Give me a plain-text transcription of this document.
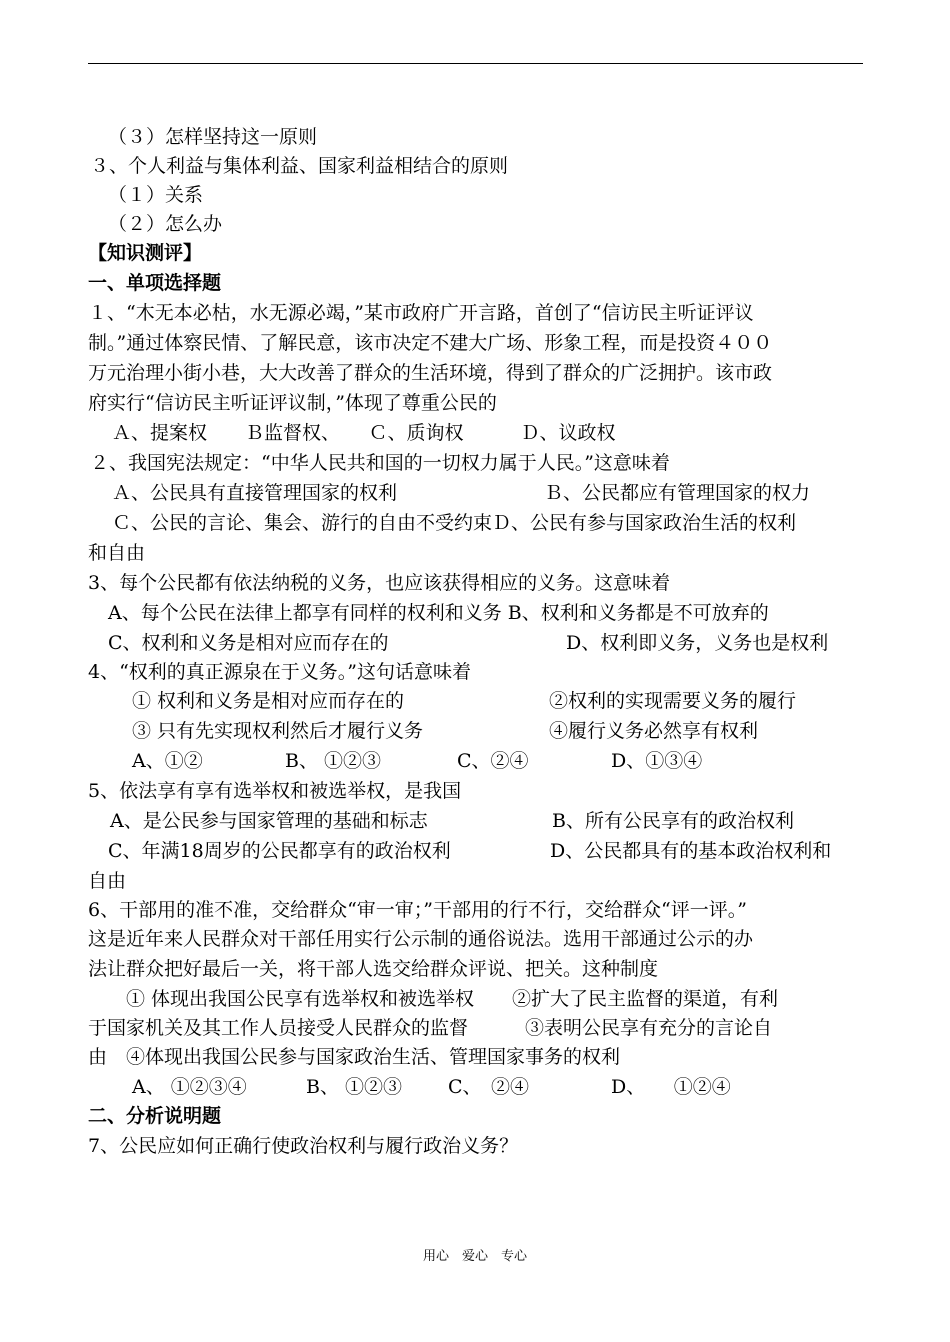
（３）怎样坚持这一原则
３、个人利益与集体利益、国家利益相结合的原则
（１）关系
（２）怎么办
【知识测评】
一、单项选择题
１、“木无本必枯，水无源必竭，”某市政府广开言路，首创了“信访民主听证评议
制。”通过体察民情、了解民意，该市决定不建大广场、形象工程，而是投资４００
万元治理小街小巷，大大改善了群众的生活环境，得到了群众的广泛拥护。该市政
府实行“信访民主听证评议制，”体现了尊重公民的
Ａ、提案权　　Ｂ监督权、　　Ｃ、质询权　　　Ｄ、议政权
２、我国宪法规定：“中华人民共和国的一切权力属于人民。”这意味着
Ａ、公民具有直接管理国家的权利	Ｂ、公民都应有管理国家的权力
Ｃ、公民的言论、集会、游行的自由不受约束Ｄ、公民有参与国家政治生活的权利
和自由
3、每个公民都有依法纳税的义务，也应该获得相应的义务。这意味着
A、每个公民在法律上都享有同样的权利和义务 B、权利和义务都是不可放弃的
C、权利和义务是相对应而存在的	D、权利即义务，义务也是权利
4、“权利的真正源泉在于义务。”这句话意味着
① 权利和义务是相对应而存在的	②权利的实现需要义务的履行
③ 只有先实现权利然后才履行义务	④履行义务必然享有权利
A、①②	B、 ①②③	C、②④	D、①③④
5、依法享有享有选举权和被选举权，是我国
A、是公民参与国家管理的基础和标志	B、所有公民享有的政治权利
C、年满18周岁的公民都享有的政治权利	D、公民都具有的基本政治权利和
自由
6、干部用的准不准，交给群众“审一审；”干部用的行不行，交给群众“评一评。”
这是近年来人民群众对干部任用实行公示制的通俗说法。选用干部通过公示的办
法让群众把好最后一关，将干部人选交给群众评说、把关。这种制度
　　① 体现出我国公民享有选举权和被选举权　　②扩大了民主监督的渠道，有利
于国家机关及其工作人员接受人民群众的监督　　　③表明公民享有充分的言论自
由　④体现出我国公民参与国家政治生活、管理国家事务的权利
A、 ①②③④	B、 ①②③ C、　②④	D、　　①②④
二、分析说明题
7、公民应如何正确行使政治权利与履行政治义务？
用心　爱心　专心
